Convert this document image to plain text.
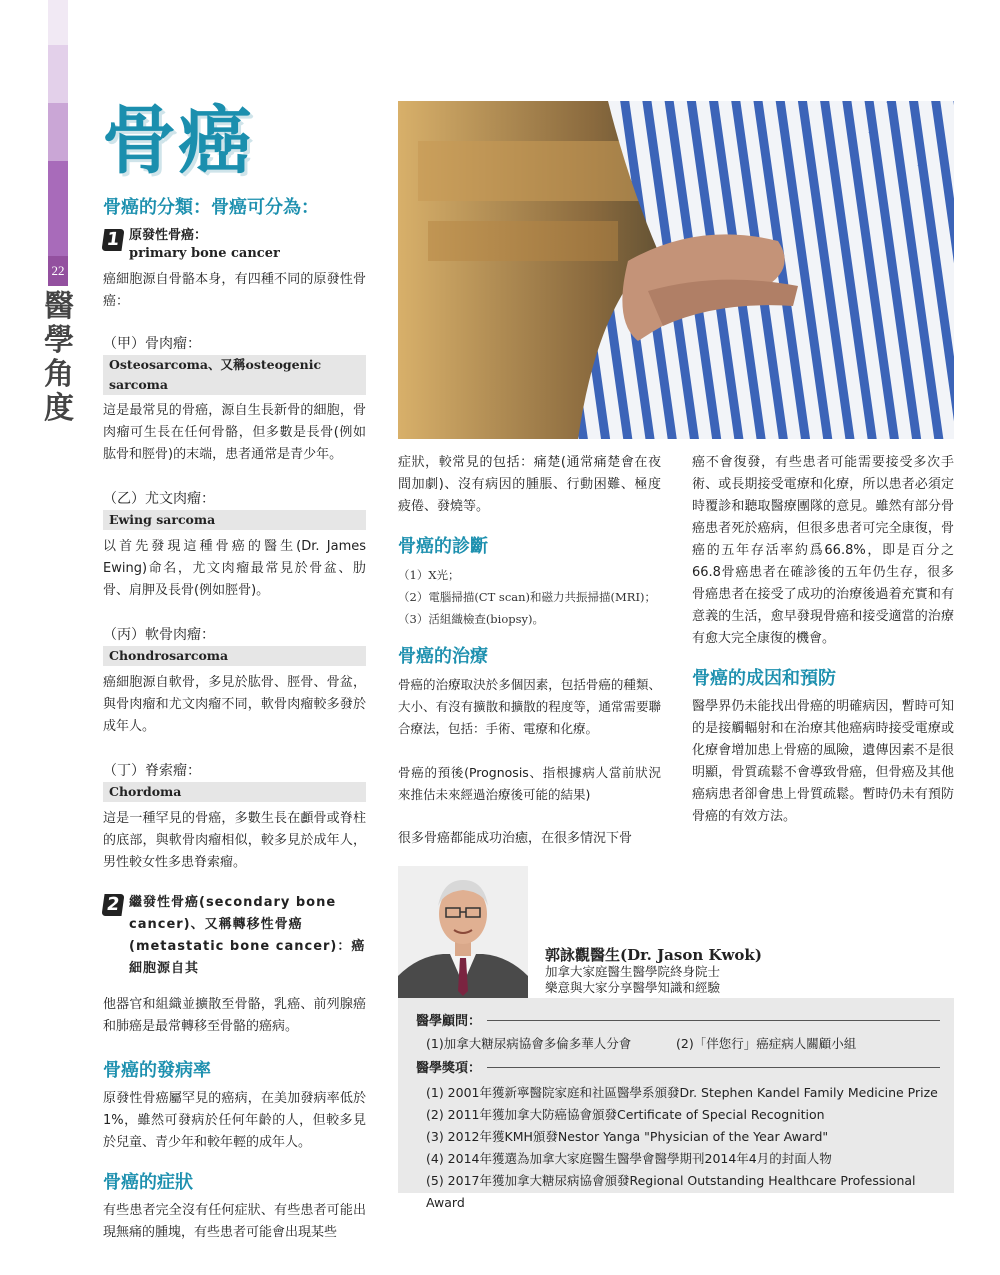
22
醫學角度
骨癌
骨癌的分類：骨癌可分為：
1 原發性骨癌：
primary bone cancer
癌細胞源自骨骼本身，有四種不同的原發性骨癌：
（甲）骨肉瘤：
Osteosarcoma、又稱osteogenic sarcoma
這是最常見的骨癌，源自生長新骨的細胞，骨肉瘤可生長在任何骨骼，但多數是長骨(例如肱骨和脛骨)的末端，患者通常是青少年。
（乙）尤文肉瘤：
Ewing sarcoma
以首先發現這種骨癌的醫生(Dr. James Ewing)命名，尤文肉瘤最常見於骨盆、肋骨、肩胛及長骨(例如脛骨)。
（丙）軟骨肉瘤：
Chondrosarcoma
癌細胞源自軟骨，多見於肱骨、脛骨、骨盆，與骨肉瘤和尤文肉瘤不同，軟骨肉瘤較多發於成年人。
（丁）脊索瘤：
Chordoma
這是一種罕見的骨癌，多數生長在顱骨或脊柱的底部，與軟骨肉瘤相似，較多見於成年人，男性較女性多患脊索瘤。
2 繼發性骨癌(secondary bone cancer)、又稱轉移性骨癌(metastatic bone cancer)：癌細胞源自其
他器官和組織並擴散至骨骼，乳癌、前列腺癌和肺癌是最常轉移至骨骼的癌病。
骨癌的發病率
原發性骨癌屬罕見的癌病，在美加發病率低於1%，雖然可發病於任何年齡的人，但較多見於兒童、青少年和較年輕的成年人。
骨癌的症狀
有些患者完全沒有任何症狀、有些患者可能出現無痛的腫塊，有些患者可能會出現某些
症狀，較常見的包括：痛楚(通常痛楚會在夜間加劇)、沒有病因的腫脹、行動困難、極度疲倦、發燒等。
骨癌的診斷
（1）X光；
（2）電腦掃描(CT scan)和磁力共振掃描(MRI)；
（3）活組織檢查(biopsy)。
骨癌的治療
骨癌的治療取決於多個因素，包括骨癌的種類、大小、有沒有擴散和擴散的程度等，通常需要聯合療法，包括：手術、電療和化療。
骨癌的預後(Prognosis、指根據病人當前狀況來推估未來經過治療後可能的結果)
很多骨癌都能成功治癒，在很多情況下骨
癌不會復發，有些患者可能需要接受多次手術、或長期接受電療和化療，所以患者必須定時覆診和聽取醫療團隊的意見。雖然有部分骨癌患者死於癌病，但很多患者可完全康復，骨癌的五年存活率約爲66.8%，即是百分之66.8骨癌患者在確診後的五年仍生存，很多骨癌患者在接受了成功的治療後過着充實和有意義的生活，愈早發現骨癌和接受適當的治療有愈大完全康復的機會。
骨癌的成因和預防
醫學界仍未能找出骨癌的明確病因，暫時可知的是接觸輻射和在治療其他癌病時接受電療或化療會增加患上骨癌的風險，遺傳因素不是很明顯，骨質疏鬆不會導致骨癌，但骨癌及其他癌病患者卻會患上骨質疏鬆。暫時仍未有預防骨癌的有效方法。
郭詠觀醫生(Dr. Jason Kwok)
加拿大家庭醫生醫學院終身院士
樂意與大家分享醫學知識和經驗
醫學顧問：
(1)加拿大糖尿病協會多倫多華人分會	(2)「伴您行」癌症病人關顧小組
醫學獎項：
(1) 2001年獲新寧醫院家庭和社區醫學系頒發Dr. Stephen Kandel Family Medicine Prize
(2) 2011年獲加拿大防癌協會頒發Certificate of Special Recognition
(3) 2012年獲KMH頒發Nestor Yanga "Physician of the Year Award"
(4) 2014年獲選為加拿大家庭醫生醫學會醫學期刊2014年4月的封面人物
(5) 2017年獲加拿大糖尿病協會頒發Regional Outstanding Healthcare Professional Award
